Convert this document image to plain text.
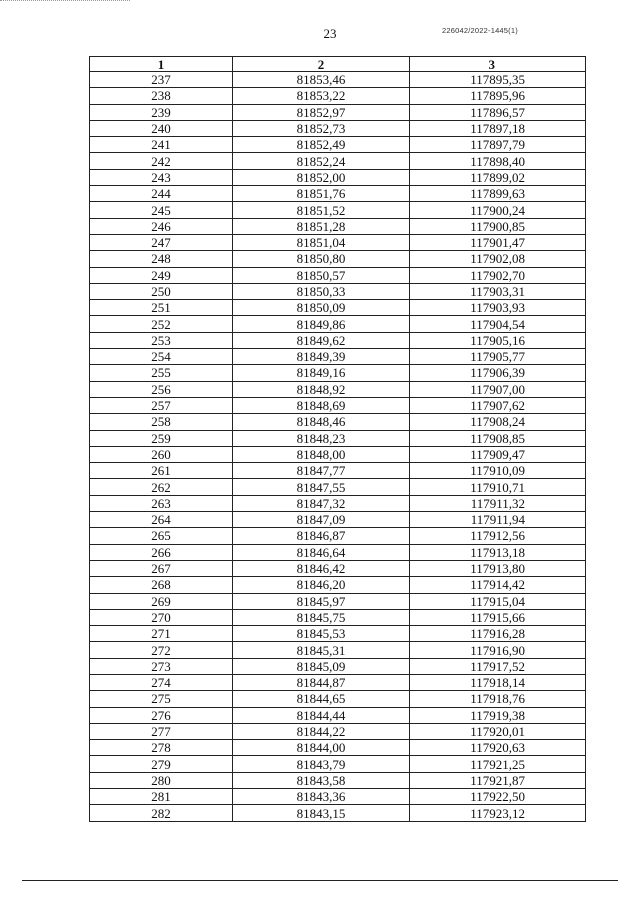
23	226042/2022-1445(1)
1	2	3
237	81853,46	117895,35
238	81853,22	117895,96
239	81852,97	117896,57
240	81852,73	117897,18
241	81852,49	117897,79
242	81852,24	117898,40
243	81852,00	117899,02
244	81851,76	117899,63
245	81851,52	117900,24
246	81851,28	117900,85
247	81851,04	117901,47
248	81850,80	117902,08
249	81850,57	117902,70
250	81850,33	117903,31
251	81850,09	117903,93
252	81849,86	117904,54
253	81849,62	117905,16
254	81849,39	117905,77
255	81849,16	117906,39
256	81848,92	117907,00
257	81848,69	117907,62
258	81848,46	117908,24
259	81848,23	117908,85
260	81848,00	117909,47
261	81847,77	117910,09
262	81847,55	117910,71
263	81847,32	117911,32
264	81847,09	117911,94
265	81846,87	117912,56
266	81846,64	117913,18
267	81846,42	117913,80
268	81846,20	117914,42
269	81845,97	117915,04
270	81845,75	117915,66
271	81845,53	117916,28
272	81845,31	117916,90
273	81845,09	117917,52
274	81844,87	117918,14
275	81844,65	117918,76
276	81844,44	117919,38
277	81844,22	117920,01
278	81844,00	117920,63
279	81843,79	117921,25
280	81843,58	117921,87
281	81843,36	117922,50
282	81843,15	117923,12
